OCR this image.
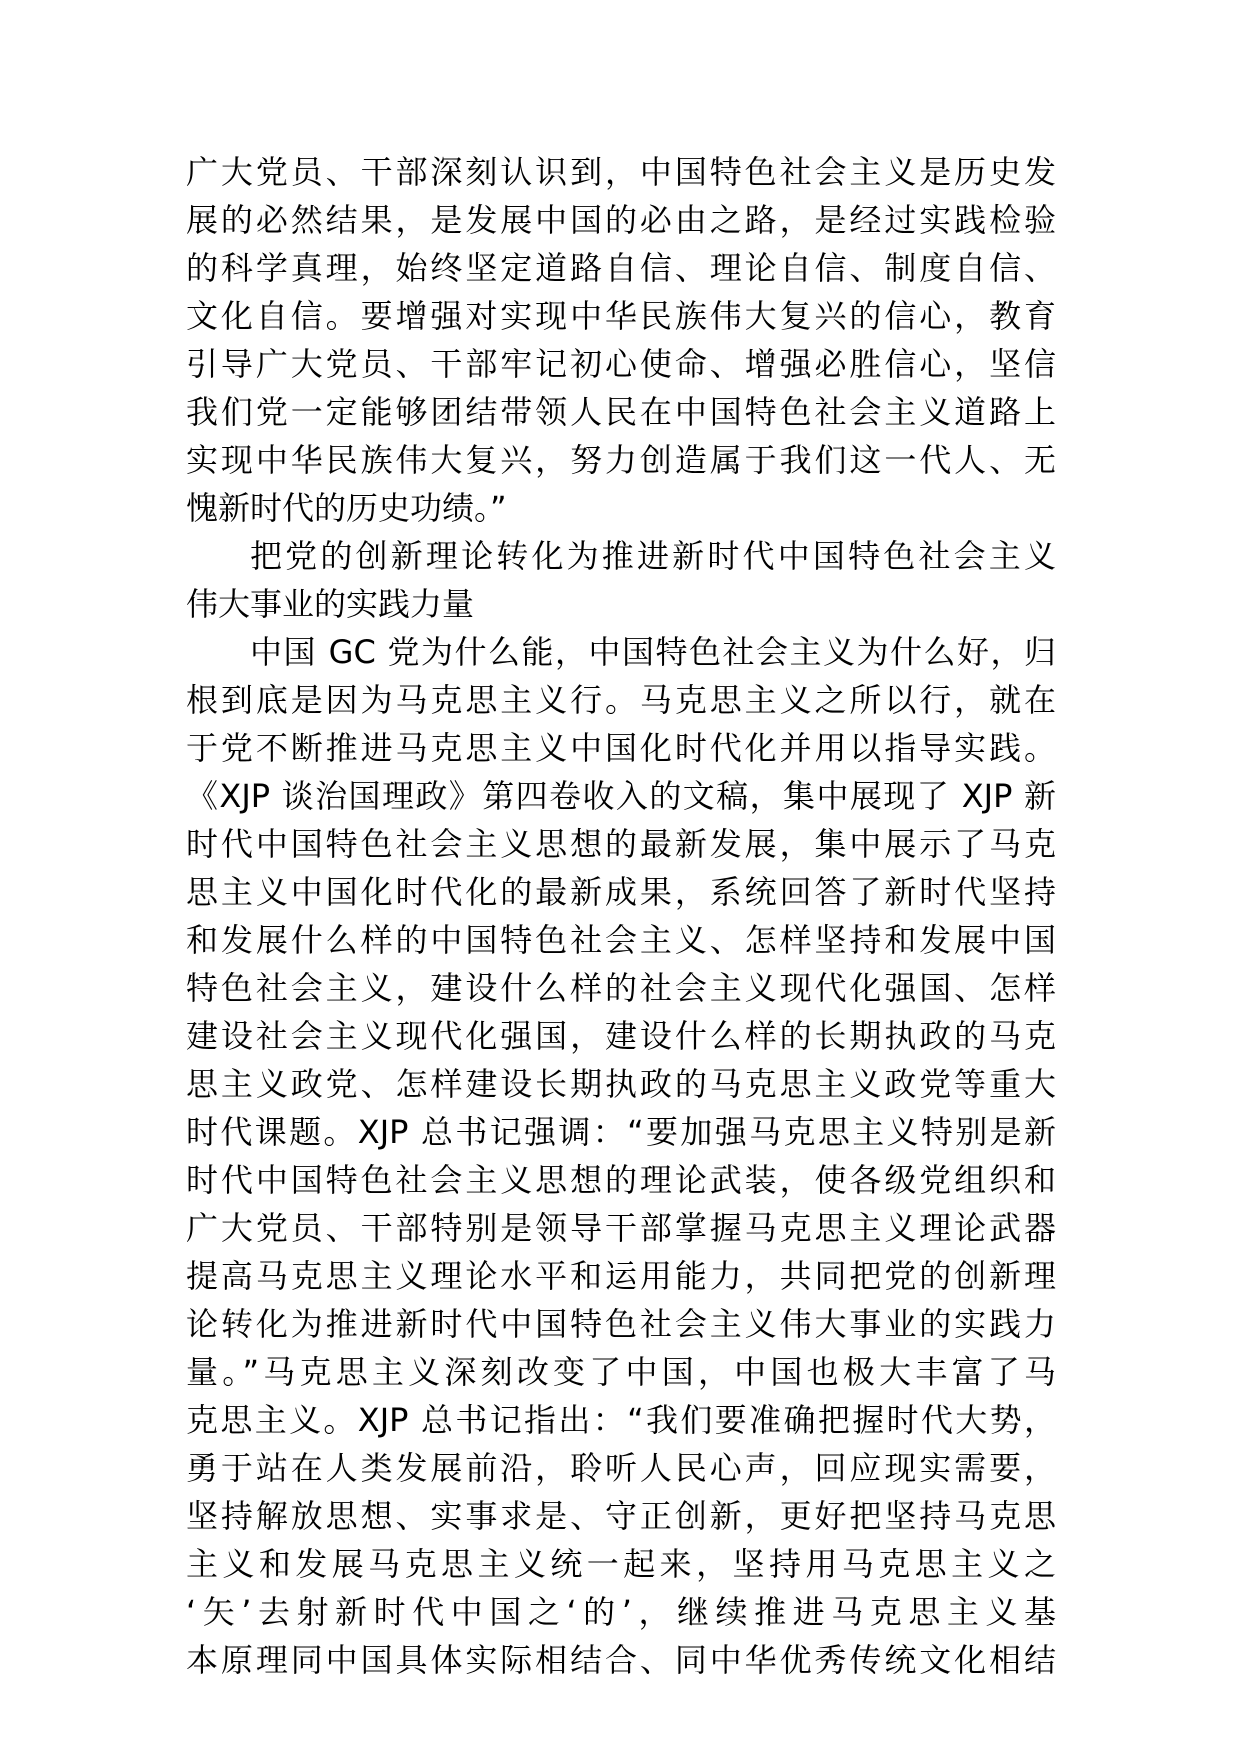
广大党员、干部深刻认识到，中国特色社会主义是历史发
展的必然结果，是发展中国的必由之路，是经过实践检验
的科学真理，始终坚定道路自信、理论自信、制度自信、
文化自信。要增强对实现中华民族伟大复兴的信心，教育
引导广大党员、干部牢记初心使命、增强必胜信心，坚信
我们党一定能够团结带领人民在中国特色社会主义道路上
实现中华民族伟大复兴，努力创造属于我们这一代人、无
愧新时代的历史功绩。”
把党的创新理论转化为推进新时代中国特色社会主义
伟大事业的实践力量
中国 GC 党为什么能，中国特色社会主义为什么好，归
根到底是因为马克思主义行。马克思主义之所以行，就在
于党不断推进马克思主义中国化时代化并用以指导实践。
《XJP 谈治国理政》第四卷收入的文稿，集中展现了 XJP 新
时代中国特色社会主义思想的最新发展，集中展示了马克
思主义中国化时代化的最新成果，系统回答了新时代坚持
和发展什么样的中国特色社会主义、怎样坚持和发展中国
特色社会主义，建设什么样的社会主义现代化强国、怎样
建设社会主义现代化强国，建设什么样的长期执政的马克
思主义政党、怎样建设长期执政的马克思主义政党等重大
时代课题。XJP 总书记强调：“要加强马克思主义特别是新
时代中国特色社会主义思想的理论武装，使各级党组织和
广大党员、干部特别是领导干部掌握马克思主义理论武器
提高马克思主义理论水平和运用能力，共同把党的创新理
论转化为推进新时代中国特色社会主义伟大事业的实践力
量。”马克思主义深刻改变了中国，中国也极大丰富了马
克思主义。XJP 总书记指出：“我们要准确把握时代大势，
勇于站在人类发展前沿，聆听人民心声，回应现实需要，
坚持解放思想、实事求是、守正创新，更好把坚持马克思
主义和发展马克思主义统一起来，坚持用马克思主义之
‘矢’去射新时代中国之‘的’，继续推进马克思主义基
本原理同中国具体实际相结合、同中华优秀传统文化相结
